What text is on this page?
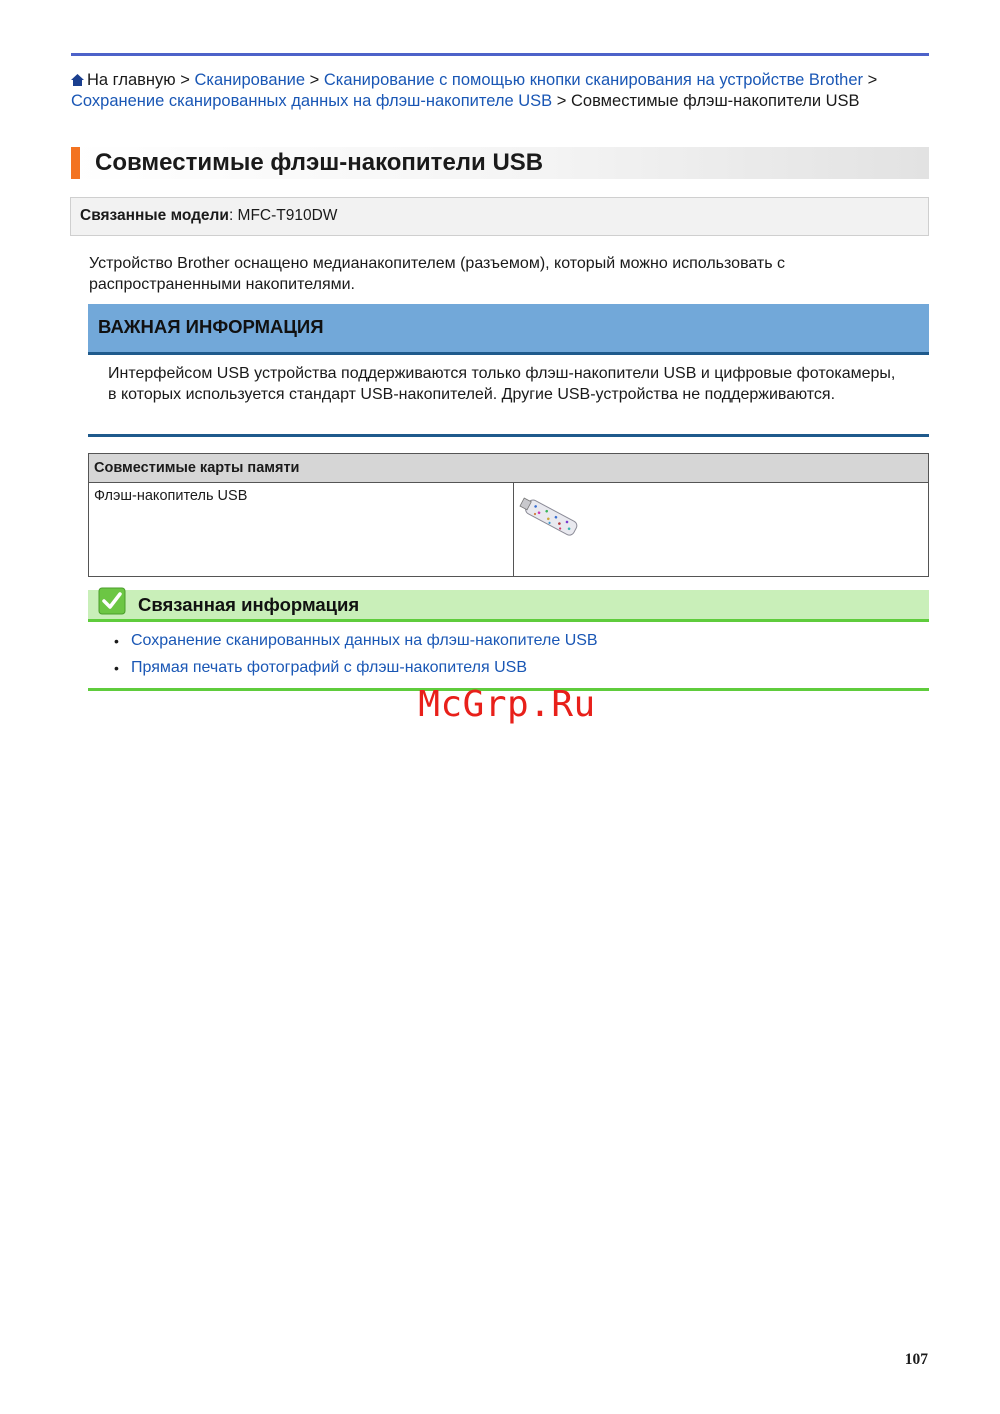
На главную > Сканирование > Сканирование с помощью кнопки сканирования на устройстве Brother > Сохранение сканированных данных на флэш-накопителе USB > Совместимые флэш-накопители USB
Совместимые флэш-накопители USB
Связанные модели: MFC-T910DW
Устройство Brother оснащено медианакопителем (разъемом), который можно использовать с распространенными накопителями.
ВАЖНАЯ ИНФОРМАЦИЯ
Интерфейсом USB устройства поддерживаются только флэш-накопители USB и цифровые фотокамеры, в которых используется стандарт USB-накопителей. Другие USB-устройства не поддерживаются.
Совместимые карты памяти
Флэш-накопитель USB	
Связанная информация
• Сохранение сканированных данных на флэш-накопителе USB
• Прямая печать фотографий с флэш-накопителя USB
McGrp.Ru
107
